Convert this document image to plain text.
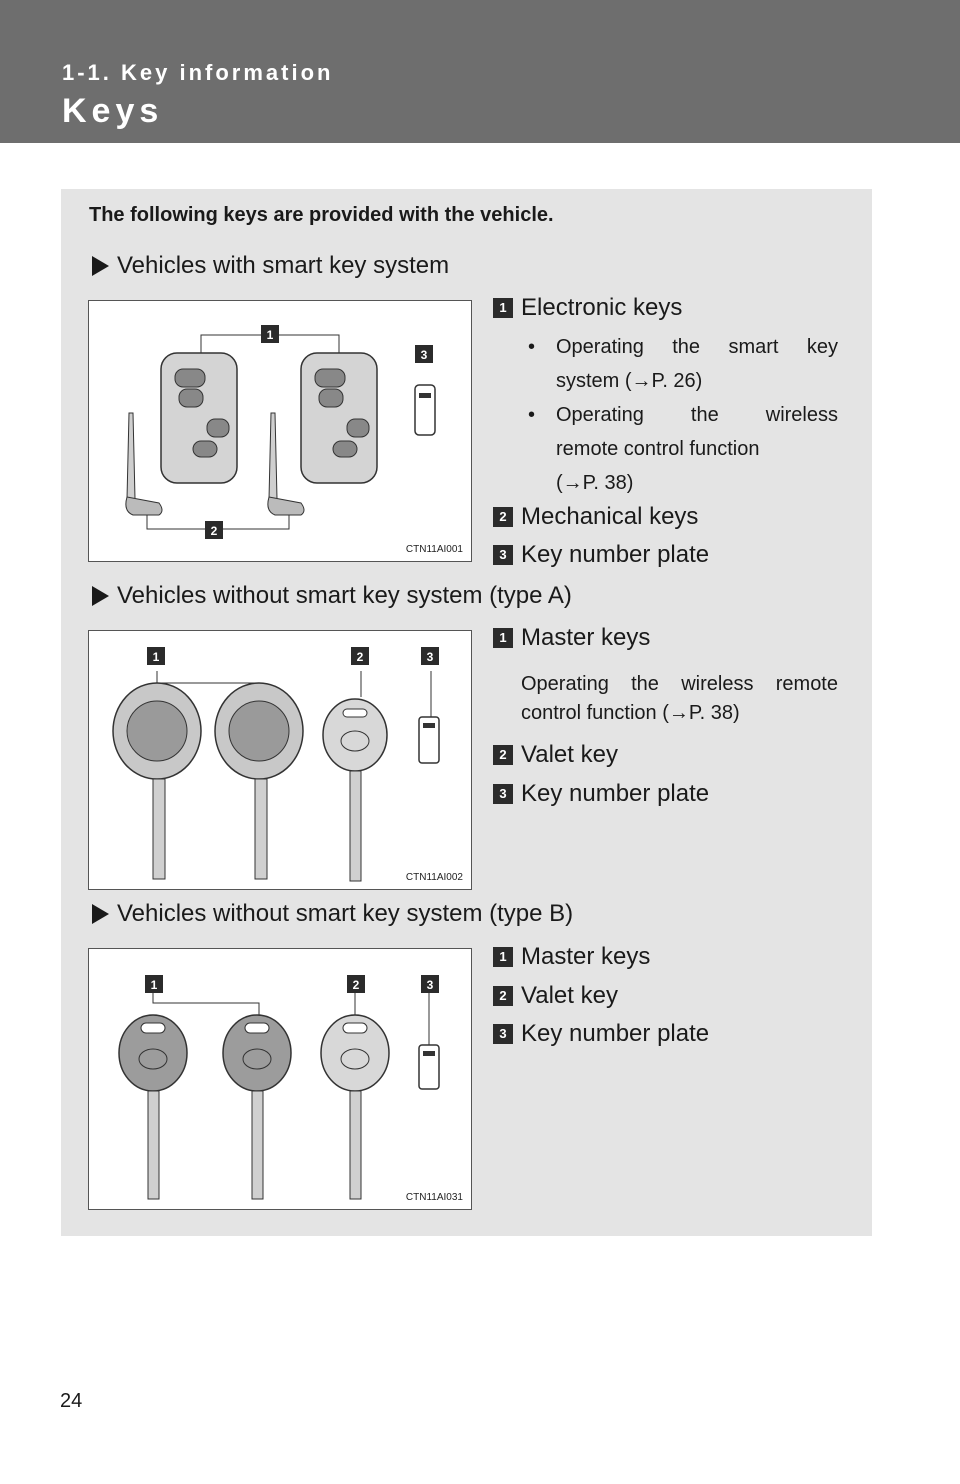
1-1. Key information
Keys
The following keys are provided with the vehicle.
Vehicles with smart key system
1
2
3
CTN11AI001
1 Electronic keys
•	Operating the smart key
system (→P. 26)
•	Operating the wireless
remote control function
(→P. 38)
2 Mechanical keys
3 Key number plate
Vehicles without smart key system (type A)
1	2	3
CTN11AI002
1 Master keys
Operating the wireless remote
control function (→P. 38)
2 Valet key
3 Key number plate
Vehicles without smart key system (type B)
1	2	3
CTN11AI031
1 Master keys
2 Valet key
3 Key number plate
24
